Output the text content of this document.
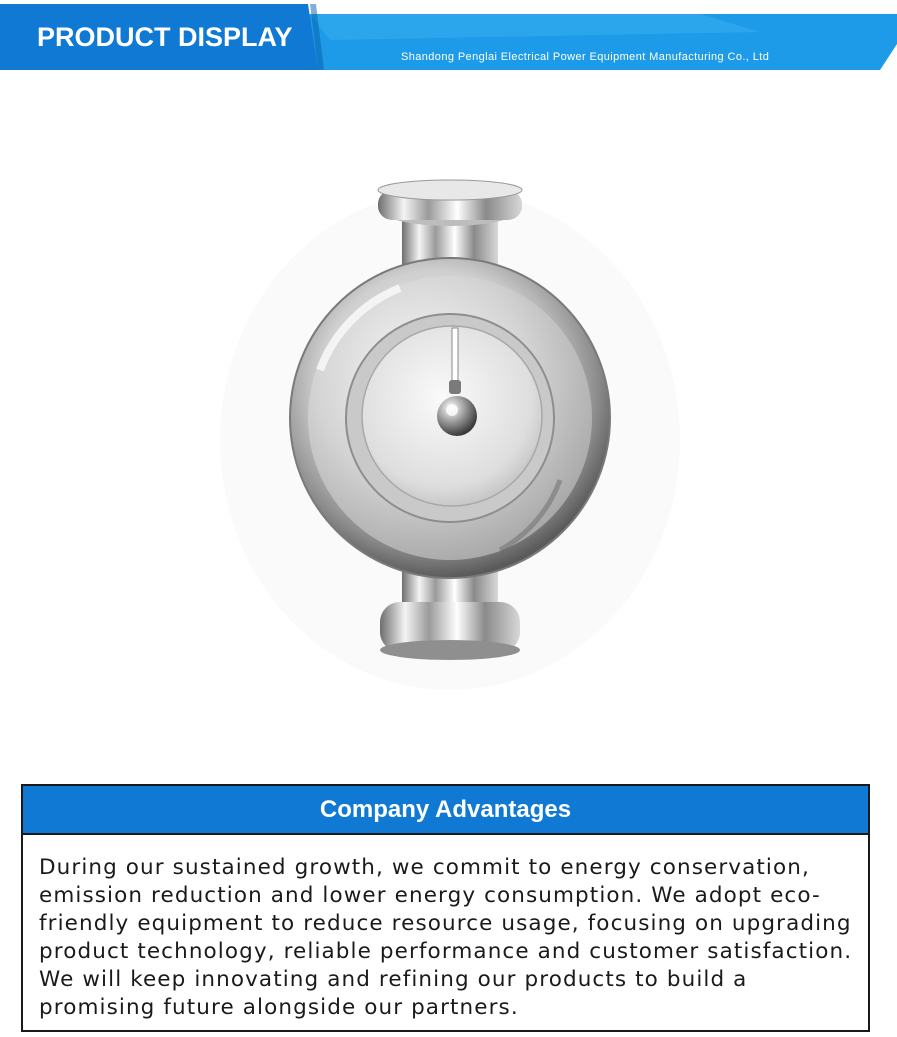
PRODUCT DISPLAY
Shandong Penglai Electrical Power Equipment Manufacturing Co., Ltd
Company Advantages
During our sustained growth, we commit to energy conservation, emission reduction and lower energy consumption. We adopt eco-friendly equipment to reduce resource usage, focusing on upgrading product technology, reliable performance and customer satisfaction. We will keep innovating and refining our products to build a promising future alongside our partners.
